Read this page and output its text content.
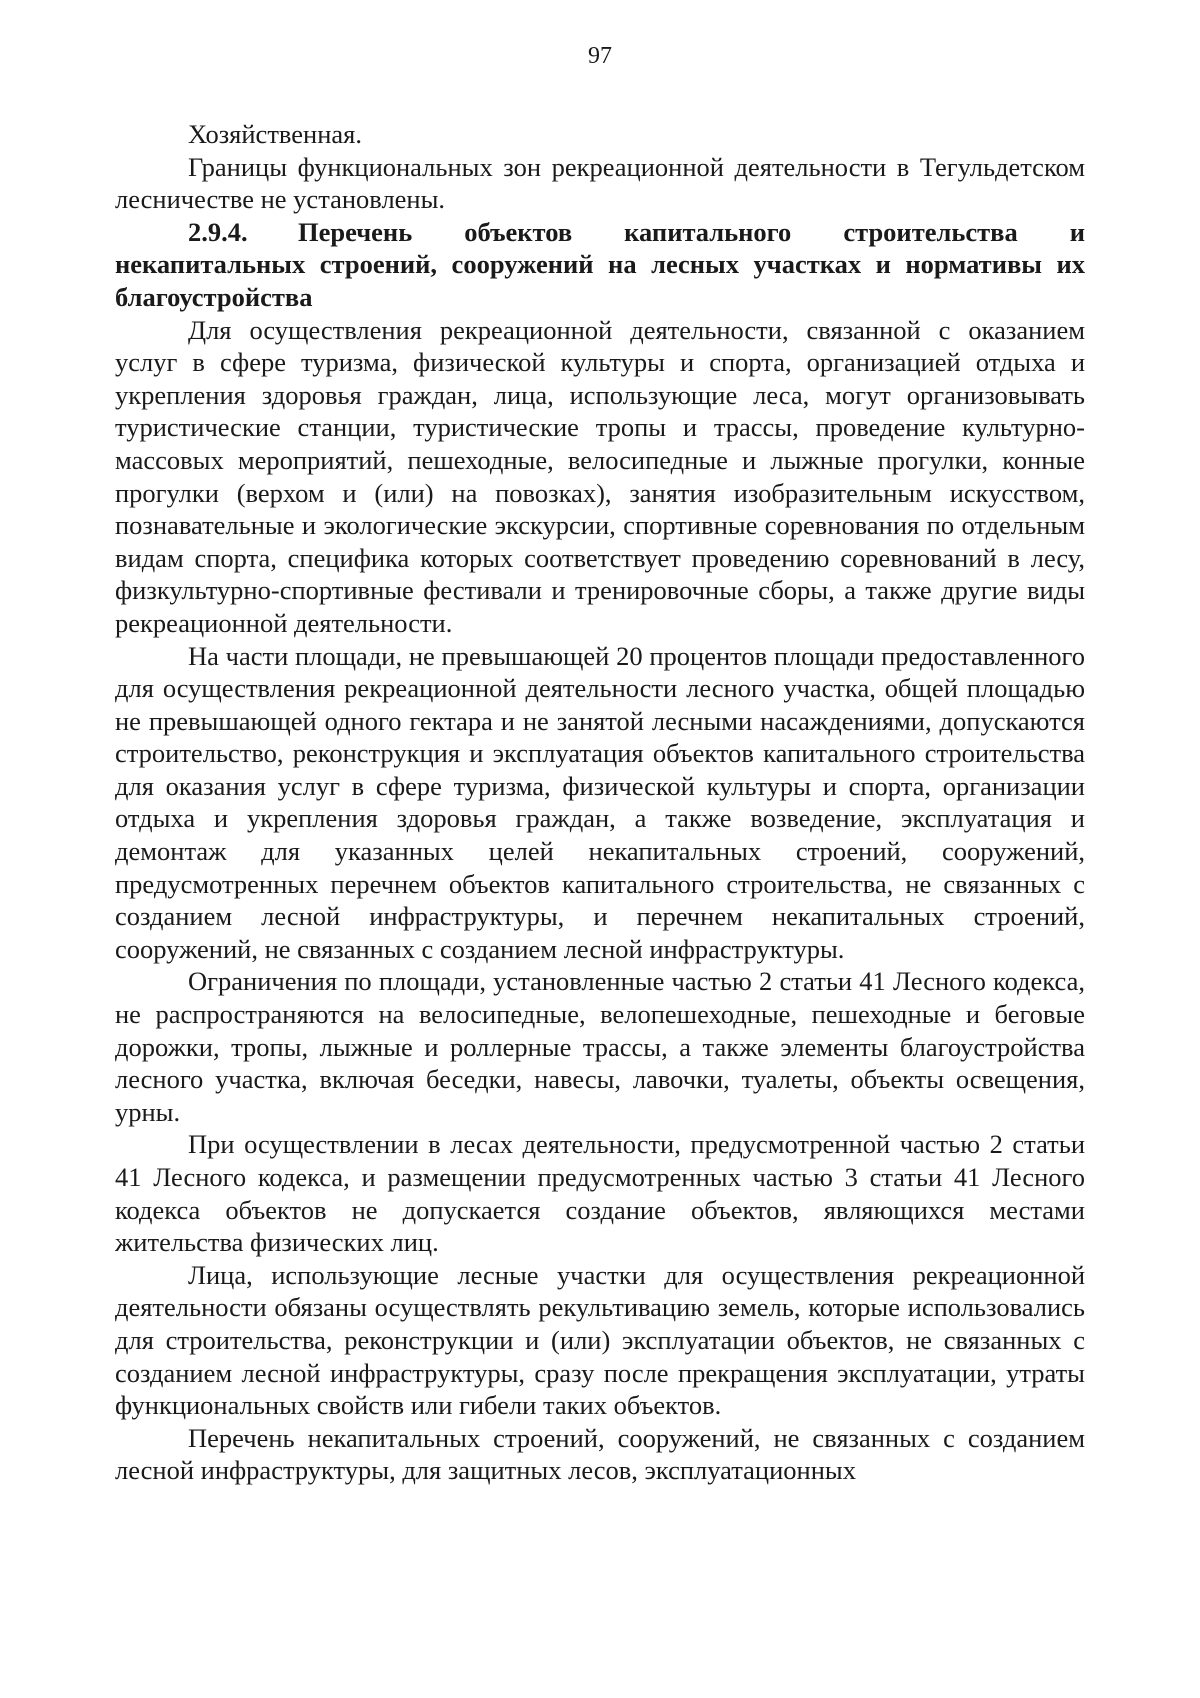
97

Хозяйственная.

Границы функциональных зон рекреационной деятельности в Тегульдетском лесничестве не установлены.

2.9.4. Перечень объектов капитального строительства и некапитальных строений, сооружений на лесных участках и нормативы их благоустройства

Для осуществления рекреационной деятельности, связанной с оказанием услуг в сфере туризма, физической культуры и спорта, организацией отдыха и укрепления здоровья граждан, лица, использующие леса, могут организовывать туристические станции, туристические тропы и трассы, проведение культурно-массовых мероприятий, пешеходные, велосипедные и лыжные прогулки, конные прогулки (верхом и (или) на повозках), занятия изобразительным искусством, познавательные и экологические экскурсии, спортивные соревнования по отдельным видам спорта, специфика которых соответствует проведению соревнований в лесу, физкультурно-спортивные фестивали и тренировочные сборы, а также другие виды рекреационной деятельности.

На части площади, не превышающей 20 процентов площади предоставленного для осуществления рекреационной деятельности лесного участка, общей площадью не превышающей одного гектара и не занятой лесными насаждениями, допускаются строительство, реконструкция и эксплуатация объектов капитального строительства для оказания услуг в сфере туризма, физической культуры и спорта, организации отдыха и укрепления здоровья граждан, а также возведение, эксплуатация и демонтаж для указанных целей некапитальных строений, сооружений, предусмотренных перечнем объектов капитального строительства, не связанных с созданием лесной инфраструктуры, и перечнем некапитальных строений, сооружений, не связанных с созданием лесной инфраструктуры.

Ограничения по площади, установленные частью 2 статьи 41 Лесного кодекса, не распространяются на велосипедные, велопешеходные, пешеходные и беговые дорожки, тропы, лыжные и роллерные трассы, а также элементы благоустройства лесного участка, включая беседки, навесы, лавочки, туалеты, объекты освещения, урны.

При осуществлении в лесах деятельности, предусмотренной частью 2 статьи 41 Лесного кодекса, и размещении предусмотренных частью 3 статьи 41 Лесного кодекса объектов не допускается создание объектов, являющихся местами жительства физических лиц.

Лица, использующие лесные участки для осуществления рекреационной деятельности обязаны осуществлять рекультивацию земель, которые использовались для строительства, реконструкции и (или) эксплуатации объектов, не связанных с созданием лесной инфраструктуры, сразу после прекращения эксплуатации, утраты функциональных свойств или гибели таких объектов.

Перечень некапитальных строений, сооружений, не связанных с созданием лесной инфраструктуры, для защитных лесов, эксплуатационных
